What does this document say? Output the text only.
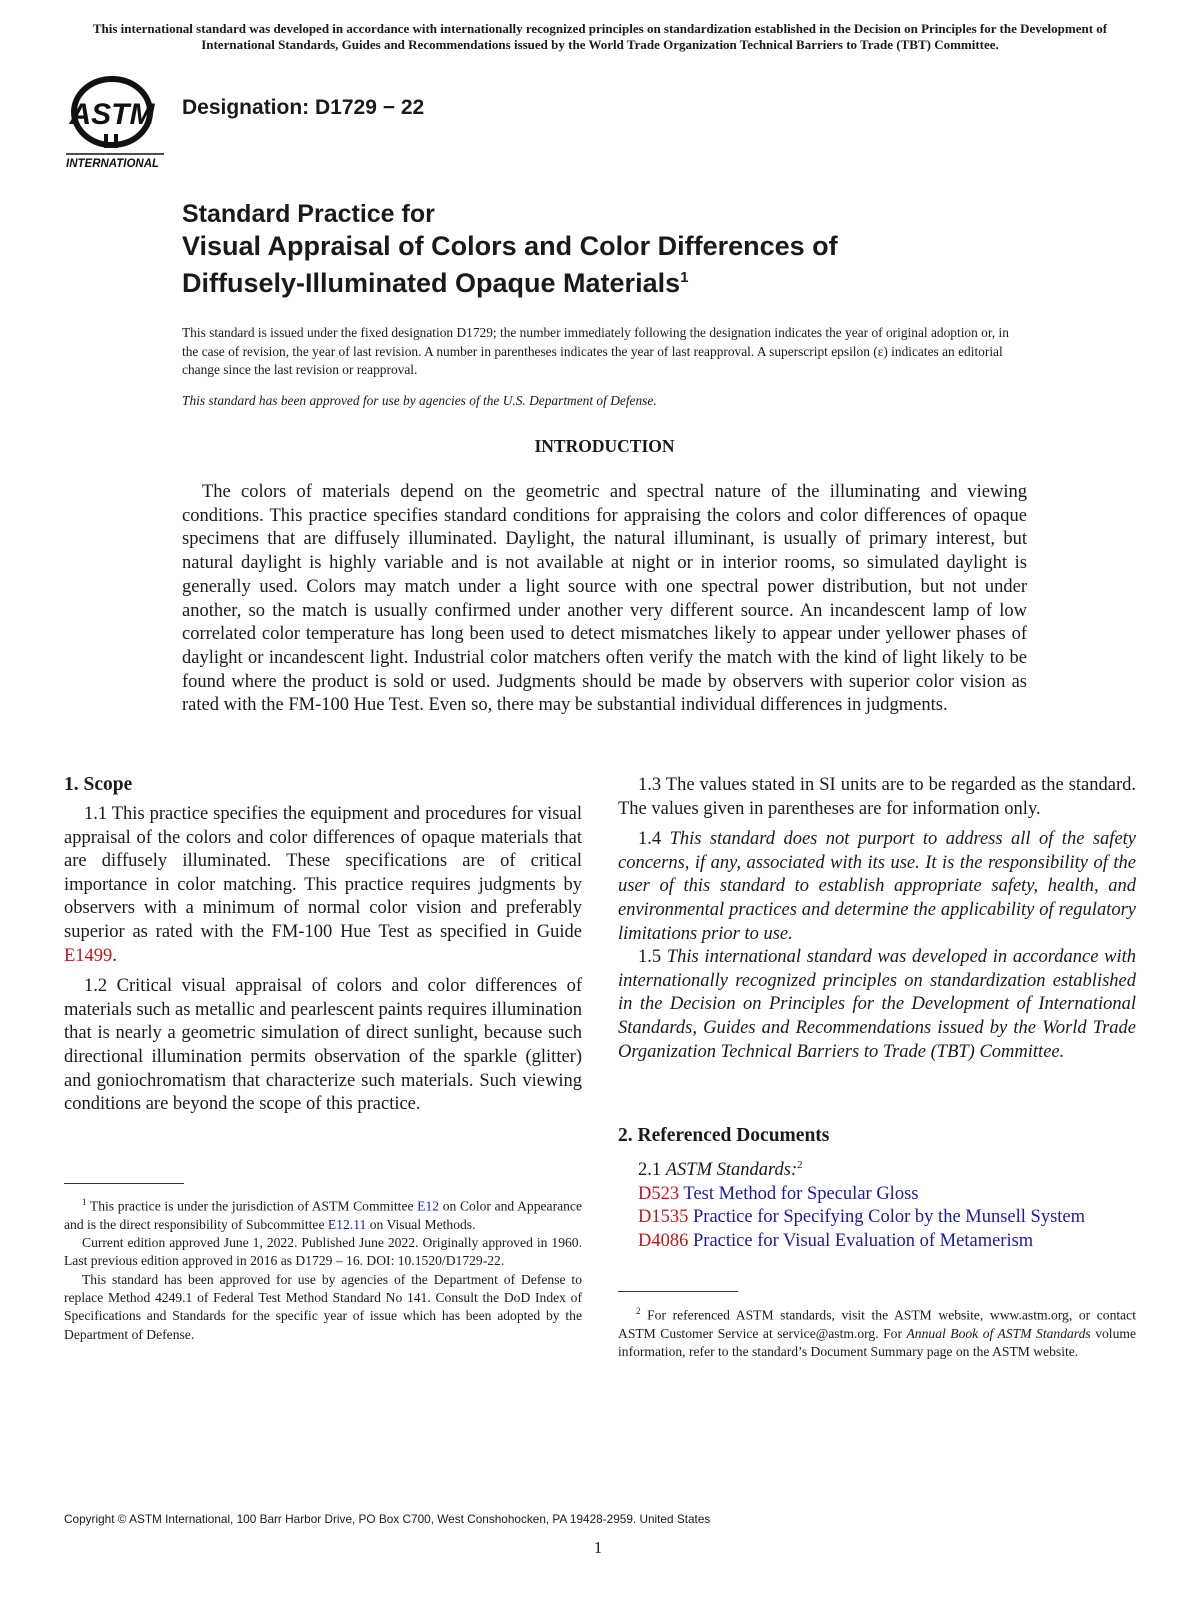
This international standard was developed in accordance with internationally recognized principles on standardization established in the Decision on Principles for the Development of International Standards, Guides and Recommendations issued by the World Trade Organization Technical Barriers to Trade (TBT) Committee.
ASTM
INTERNATIONAL
Designation: D1729 − 22
Standard Practice for
Visual Appraisal of Colors and Color Differences of
Diffusely-Illuminated Opaque Materials$^1$
This standard is issued under the fixed designation D1729; the number immediately following the designation indicates the year of original adoption or, in the case of revision, the year of last revision. A number in parentheses indicates the year of last reapproval. A superscript epsilon (ε) indicates an editorial change since the last revision or reapproval.
This standard has been approved for use by agencies of the U.S. Department of Defense.
INTRODUCTION

The colors of materials depend on the geometric and spectral nature of the illuminating and viewing conditions. This practice specifies standard conditions for appraising the colors and color differences of opaque specimens that are diffusely illuminated. Daylight, the natural illuminant, is usually of primary interest, but natural daylight is highly variable and is not available at night or in interior rooms, so simulated daylight is generally used. Colors may match under a light source with one spectral power distribution, but not under another, so the match is usually confirmed under another very different source. An incandescent lamp of low correlated color temperature has long been used to detect mismatches likely to appear under yellower phases of daylight or incandescent light. Industrial color matchers often verify the match with the kind of light likely to be found where the product is sold or used. Judgments should be made by observers with superior color vision as rated with the FM-100 Hue Test. Even so, there may be substantial individual differences in judgments.

1. Scope

1.1 This practice specifies the equipment and procedures for visual appraisal of the colors and color differences of opaque materials that are diffusely illuminated. These specifications are of critical importance in color matching. This practice requires judgments by observers with a minimum of normal color vision and preferably superior as rated with the FM-100 Hue Test as specified in Guide E1499.

1.2 Critical visual appraisal of colors and color differences of materials such as metallic and pearlescent paints requires illumination that is nearly a geometric simulation of direct sunlight, because such directional illumination permits observation of the sparkle (glitter) and goniochromatism that characterize such materials. Such viewing conditions are beyond the scope of this practice.

1.3 The values stated in SI units are to be regarded as the standard. The values given in parentheses are for information only.

1.4 This standard does not purport to address all of the safety concerns, if any, associated with its use. It is the responsibility of the user of this standard to establish appropriate safety, health, and environmental practices and determine the applicability of regulatory limitations prior to use.

1.5 This international standard was developed in accordance with internationally recognized principles on standardization established in the Decision on Principles for the Development of International Standards, Guides and Recommendations issued by the World Trade Organization Technical Barriers to Trade (TBT) Committee.

2. Referenced Documents
2.1 ASTM Standards:$^2$
D523 Test Method for Specular Gloss
D1535 Practice for Specifying Color by the Munsell System
D4086 Practice for Visual Evaluation of Metamerism

$^1$ This practice is under the jurisdiction of ASTM Committee E12 on Color and Appearance and is the direct responsibility of Subcommittee E12.11 on Visual Methods.

Current edition approved June 1, 2022. Published June 2022. Originally approved in 1960. Last previous edition approved in 2016 as D1729 – 16. DOI: 10.1520/D1729-22.

This standard has been approved for use by agencies of the Department of Defense to replace Method 4249.1 of Federal Test Method Standard No 141. Consult the DoD Index of Specifications and Standards for the specific year of issue which has been adopted by the Department of Defense.

$^2$ For referenced ASTM standards, visit the ASTM website, www.astm.org, or contact ASTM Customer Service at service@astm.org. For Annual Book of ASTM Standards volume information, refer to the standard’s Document Summary page on the ASTM website.

Copyright © ASTM International, 100 Barr Harbor Drive, PO Box C700, West Conshohocken, PA 19428-2959. United States
1
